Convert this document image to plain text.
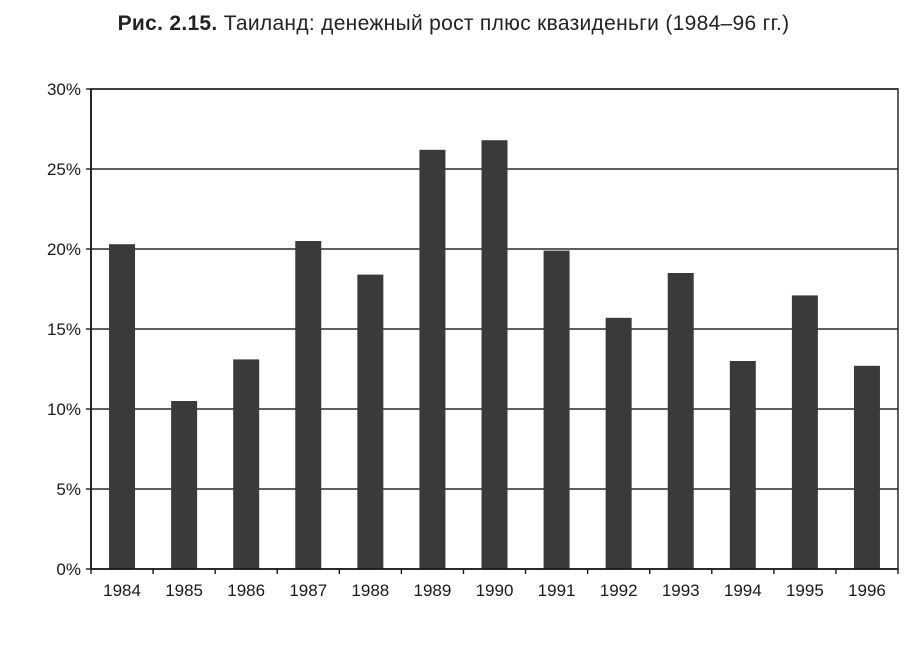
Рис. 2.15. Таиланд: денежный рост плюс квазиденьги (1984–96 гг.)
0%
5%
10%
15%
20%
25%
30%
1984 1985 1986 1987 1988 1989 1990 1991 1992 1993 1994 1995 1996
